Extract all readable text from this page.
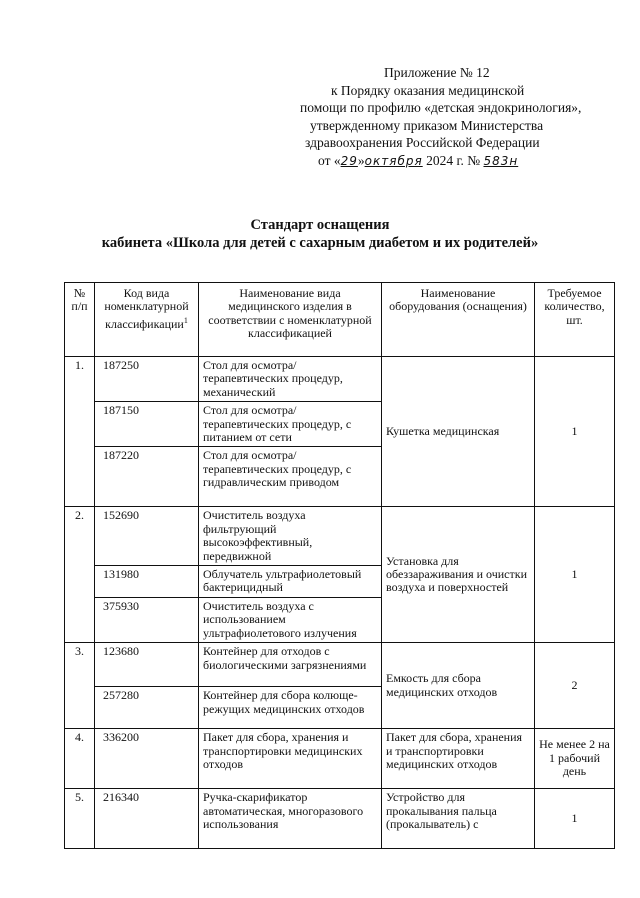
Приложение № 12
к Порядку оказания медицинской
помощи по профилю «детская эндокринология»,
утвержденному приказом Министерства
здравоохранения Российской Федерации
от «29»октября 2024 г. № 583н
Стандарт оснащения
кабинета «Школа для детей с сахарным диабетом и их родителей»
№ п/п	Код вида номенклатурной классификации$^1$	Наименование вида медицинского изделия в соответствии с номенклатурной классификацией	Наименование оборудования (оснащения)	Требуемое количество, шт.
1.	187250	Стол для осмотра/терапевтических процедур, механический	Кушетка медицинская	1
	187150	Стол для осмотра/терапевтических процедур, с питанием от сети		
	187220	Стол для осмотра/терапевтических процедур, с гидравлическим приводом		
2.	152690	Очиститель воздуха фильтрующий высокоэффективный, передвижной	Установка для обеззараживания и очистки воздуха и поверхностей	1
	131980	Облучатель ультрафиолетовый бактерицидный		
	375930	Очиститель воздуха с использованием ультрафиолетового излучения		
3.	123680	Контейнер для отходов с биологическими загрязнениями	Емкость для сбора медицинских отходов	2
	257280	Контейнер для сбора колюще-режущих медицинских отходов		
4.	336200	Пакет для сбора, хранения и транспортировки медицинских отходов	Пакет для сбора, хранения и транспортировки медицинских отходов	Не менее 2 на 1 рабочий день
5.	216340	Ручка-скарификатор автоматическая, многоразового использования	Устройство для прокалывания пальца (прокалыватель) с	1
